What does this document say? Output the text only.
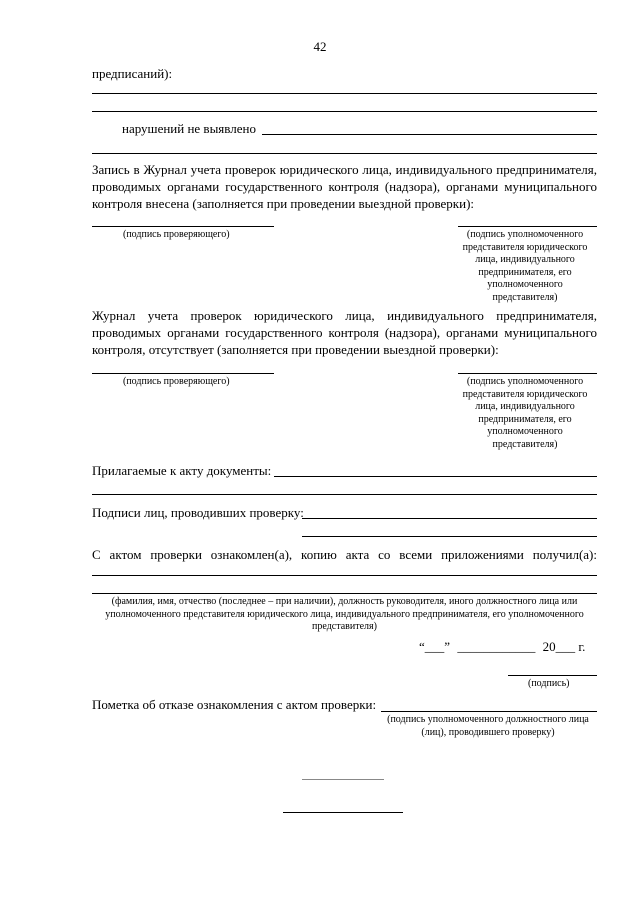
42
предписаний):
нарушений не выявлено
Запись в Журнал учета проверок юридического лица, индивидуального предпринимателя, проводимых органами государственного контроля (надзора), органами муниципального контроля внесена (заполняется при проведении выездной проверки):
(подпись проверяющего)	(подпись уполномоченного представителя юридического лица, индивидуального предпринимателя, его уполномоченного представителя)
Журнал учета проверок юридического лица, индивидуального предпринимателя, проводимых органами государственного контроля (надзора), органами муниципального контроля, отсутствует (заполняется при проведении выездной проверки):
(подпись проверяющего)	(подпись уполномоченного представителя юридического лица, индивидуального предпринимателя, его уполномоченного представителя)
Прилагаемые к акту документы:
Подписи лиц, проводивших проверку:
С актом проверки ознакомлен(а), копию акта со всеми приложениями получил(а):
(фамилия, имя, отчество (последнее – при наличии), должность руководителя, иного должностного лица или уполномоченного представителя юридического лица, индивидуального предпринимателя, его уполномоченного представителя)
“___” ____________ 20___ г.
(подпись)
Пометка об отказе ознакомления с актом проверки:
(подпись уполномоченного должностного лица (лиц), проводившего проверку)
